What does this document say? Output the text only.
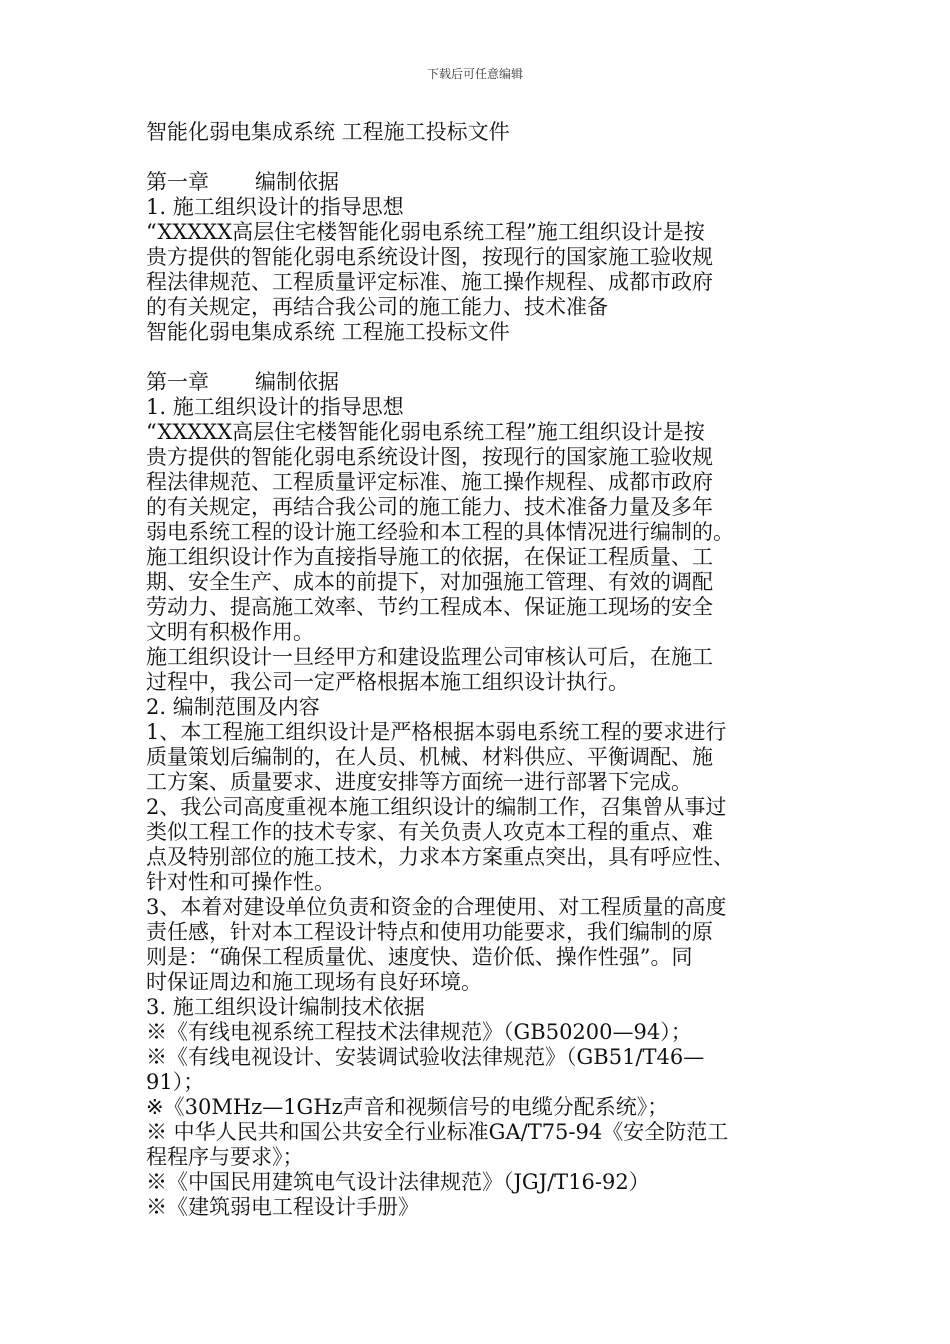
下载后可任意编辑
智能化弱电集成系统 工程施工投标文件
第一章 编制依据
1. 施工组织设计的指导思想
“XXXXX高层住宅楼智能化弱电系统工程”施工组织设计是按
贵方提供的智能化弱电系统设计图，按现行的国家施工验收规
程法律规范、工程质量评定标准、施工操作规程、成都市政府
的有关规定，再结合我公司的施工能力、技术准备
智能化弱电集成系统 工程施工投标文件
第一章 编制依据
1. 施工组织设计的指导思想
“XXXXX高层住宅楼智能化弱电系统工程”施工组织设计是按
贵方提供的智能化弱电系统设计图，按现行的国家施工验收规
程法律规范、工程质量评定标准、施工操作规程、成都市政府
的有关规定，再结合我公司的施工能力、技术准备力量及多年
弱电系统工程的设计施工经验和本工程的具体情况进行编制的。
施工组织设计作为直接指导施工的依据，在保证工程质量、工
期、安全生产、成本的前提下，对加强施工管理、有效的调配
劳动力、提高施工效率、节约工程成本、保证施工现场的安全
文明有积极作用。
施工组织设计一旦经甲方和建设监理公司审核认可后，在施工
过程中，我公司一定严格根据本施工组织设计执行。
2. 编制范围及内容
1、本工程施工组织设计是严格根据本弱电系统工程的要求进行
质量策划后编制的，在人员、机械、材料供应、平衡调配、施
工方案、质量要求、进度安排等方面统一进行部署下完成。
2、我公司高度重视本施工组织设计的编制工作，召集曾从事过
类似工程工作的技术专家、有关负责人攻克本工程的重点、难
点及特别部位的施工技术，力求本方案重点突出，具有呼应性、
针对性和可操作性。
3、本着对建设单位负责和资金的合理使用、对工程质量的高度
责任感，针对本工程设计特点和使用功能要求，我们编制的原
则是：“确保工程质量优、速度快、造价低、操作性强”。同
时保证周边和施工现场有良好环境。
3. 施工组织设计编制技术依据
※《有线电视系统工程技术法律规范》（GB50200—94）；
※《有线电视设计、安装调试验收法律规范》（GB51/T46—
91）；
※《30MHz—1GHz声音和视频信号的电缆分配系统》；
※ 中华人民共和国公共安全行业标准GA/T75-94《安全防范工
程程序与要求》；
※《中国民用建筑电气设计法律规范》（JGJ/T16-92）
※《建筑弱电工程设计手册》
